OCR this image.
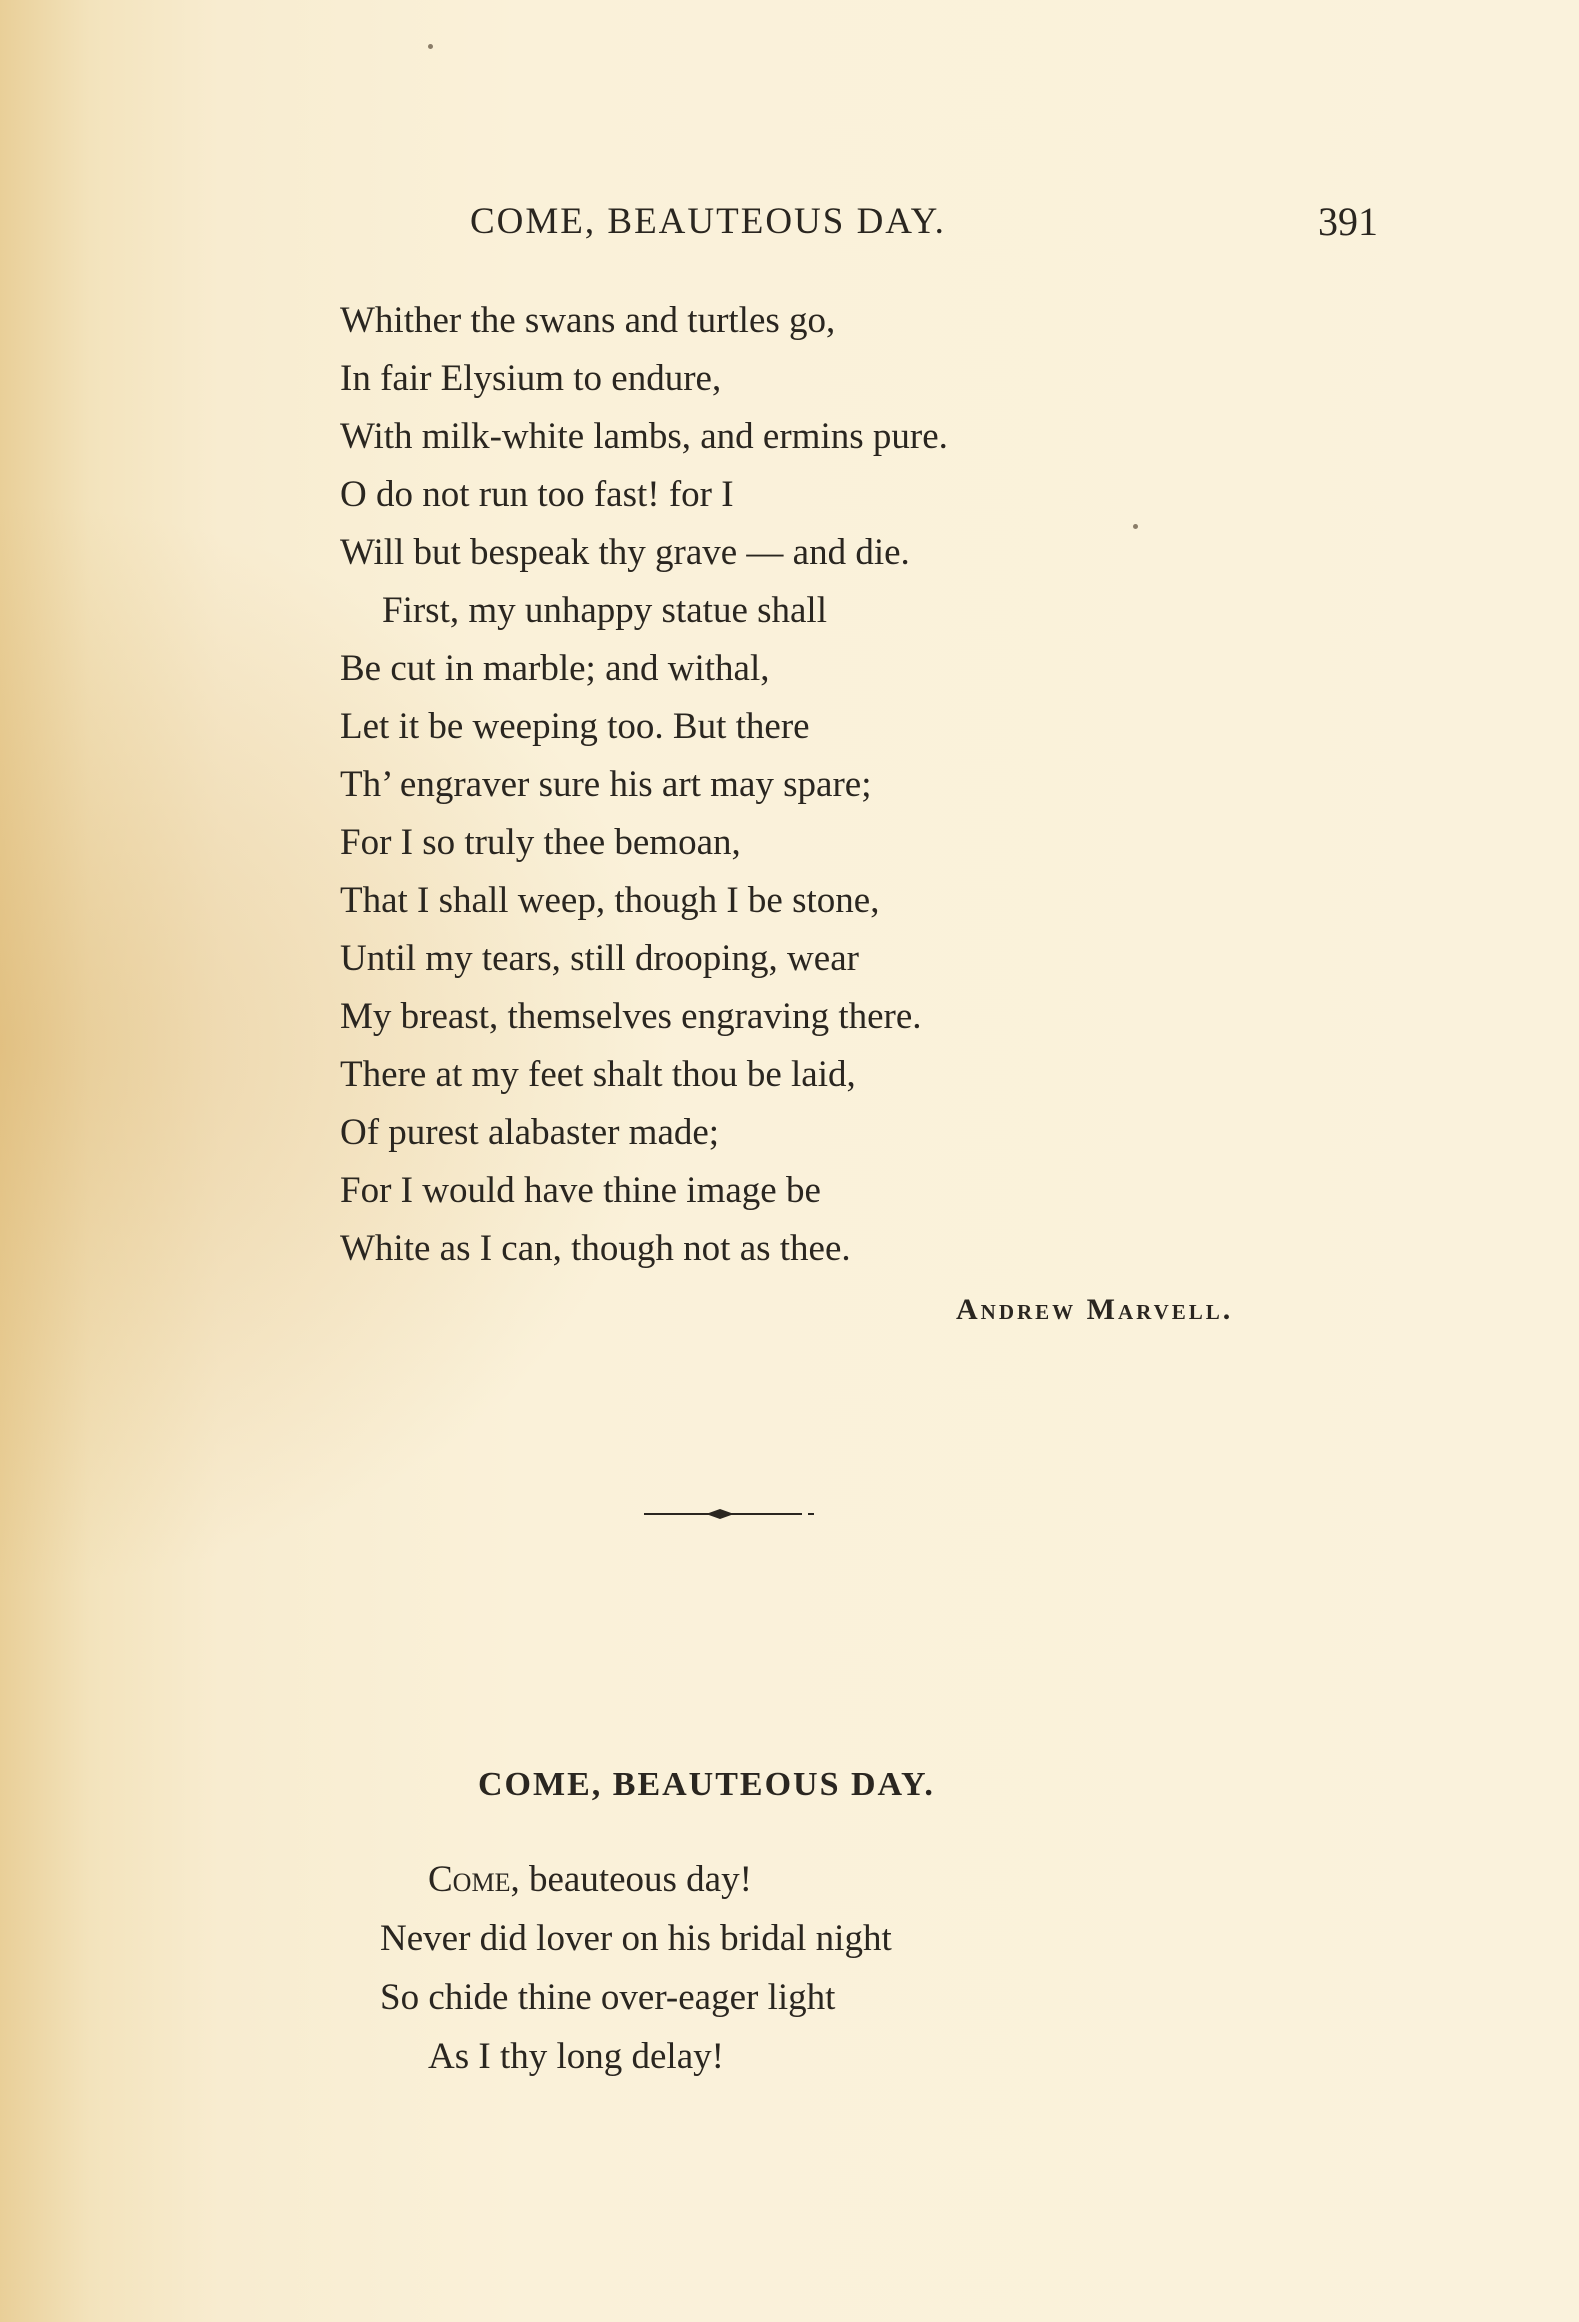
COME, BEAUTEOUS DAY.	391
Whither the swans and turtles go,
In fair Elysium to endure,
With milk-white lambs, and ermins pure.
O do not run too fast! for I
Will but bespeak thy grave — and die.
First, my unhappy statue shall
Be cut in marble; and withal,
Let it be weeping too. But there
Th’ engraver sure his art may spare;
For I so truly thee bemoan,
That I shall weep, though I be stone,
Until my tears, still drooping, wear
My breast, themselves engraving there.
There at my feet shalt thou be laid,
Of purest alabaster made;
For I would have thine image be
White as I can, though not as thee.
Andrew Marvell.
COME, BEAUTEOUS DAY.
Come, beauteous day!
Never did lover on his bridal night
So chide thine over-eager light
As I thy long delay!
